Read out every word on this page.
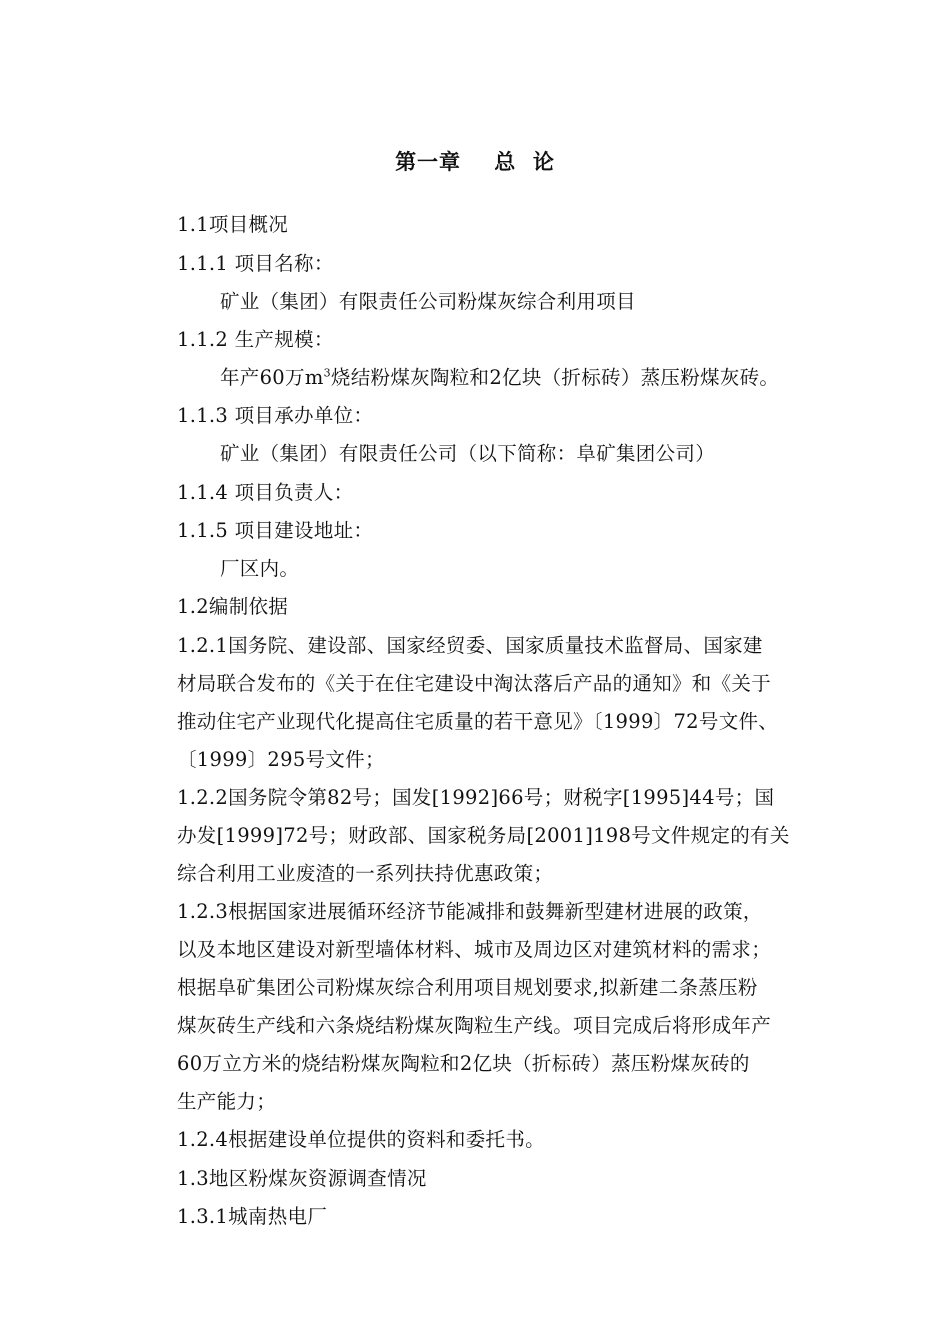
第一章    总  论
1.1项目概况
1.1.1 项目名称：
矿业（集团）有限责任公司粉煤灰综合利用项目
1.1.2 生产规模：
年产60万$m^3$烧结粉煤灰陶粒和2亿块（折标砖）蒸压粉煤灰砖。
1.1.3 项目承办单位：
矿业（集团）有限责任公司（以下简称：阜矿集团公司）
1.1.4 项目负责人：
1.1.5 项目建设地址：
厂区内。
1.2编制依据
1.2.1国务院、建设部、国家经贸委、国家质量技术监督局、国家建
材局联合发布的《关于在住宅建设中淘汰落后产品的通知》和《关于
推动住宅产业现代化提高住宅质量的若干意见》〔1999〕72号文件、
〔1999〕295号文件；
1.2.2国务院令第82号；国发[1992]66号；财税字[1995]44号；国
办发[1999]72号；财政部、国家税务局[2001]198号文件规定的有关
综合利用工业废渣的一系列扶持优惠政策；
1.2.3根据国家进展循环经济节能减排和鼓舞新型建材进展的政策，
以及本地区建设对新型墙体材料、城市及周边区对建筑材料的需求；
根据阜矿集团公司粉煤灰综合利用项目规划要求,拟新建二条蒸压粉
煤灰砖生产线和六条烧结粉煤灰陶粒生产线。项目完成后将形成年产
60万立方米的烧结粉煤灰陶粒和2亿块（折标砖）蒸压粉煤灰砖的
生产能力；
1.2.4根据建设单位提供的资料和委托书。
1.3地区粉煤灰资源调查情况
1.3.1城南热电厂
